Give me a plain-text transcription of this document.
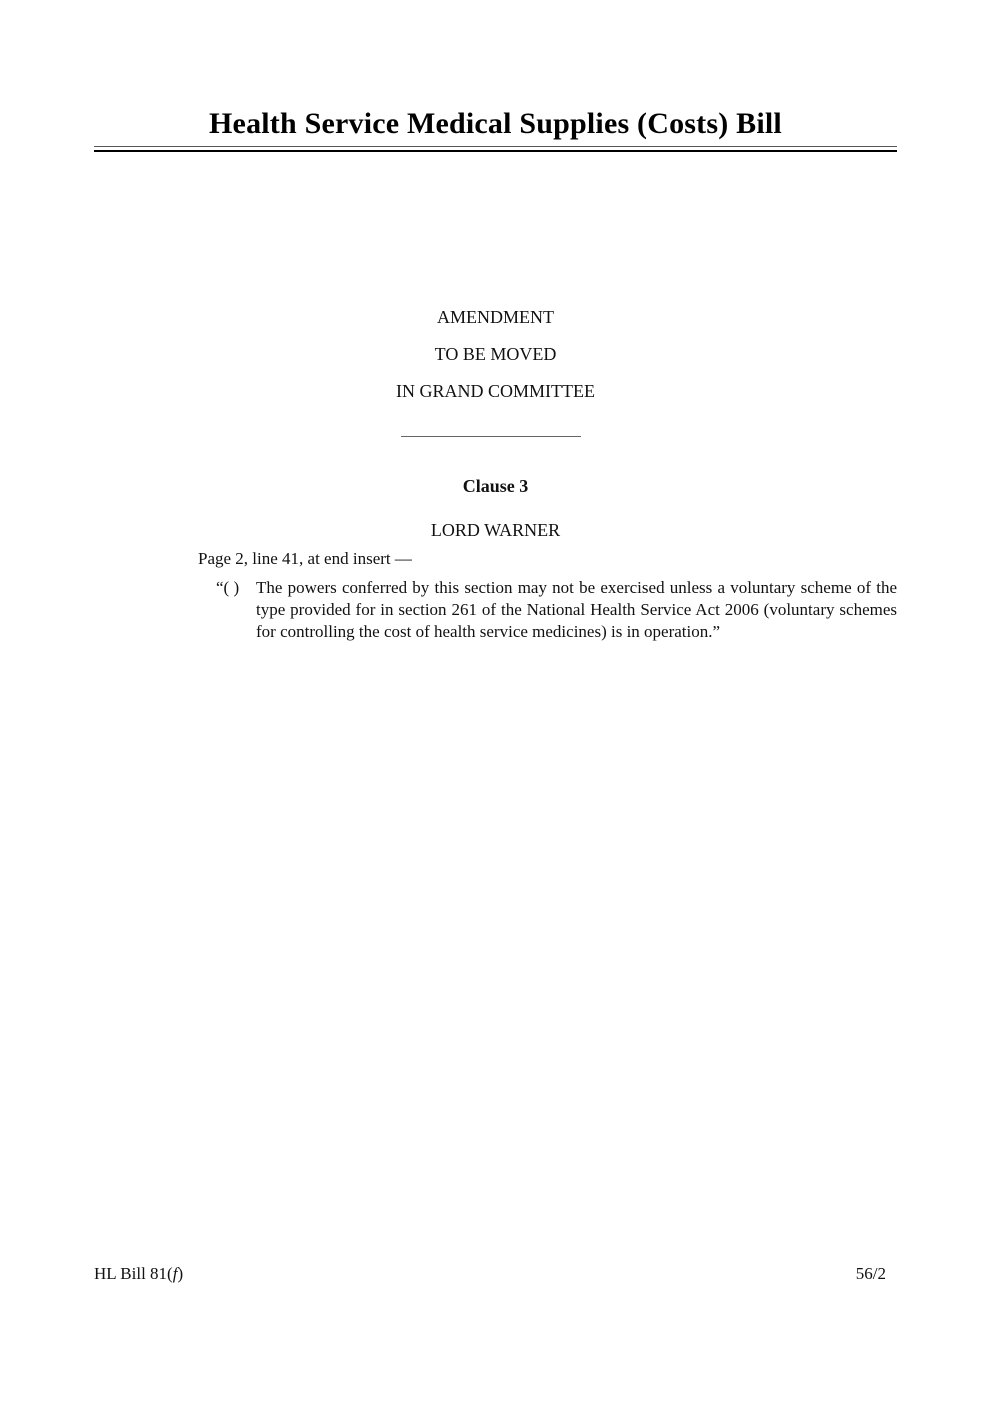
Health Service Medical Supplies (Costs) Bill
AMENDMENT
TO BE MOVED
IN GRAND COMMITTEE
Clause 3
LORD WARNER
Page 2, line 41, at end insert —
“( ) The powers conferred by this section may not be exercised unless a voluntary scheme of the type provided for in section 261 of the National Health Service Act 2006 (voluntary schemes for controlling the cost of health service medicines) is in operation.”
HL Bill 81(f)	56/2
